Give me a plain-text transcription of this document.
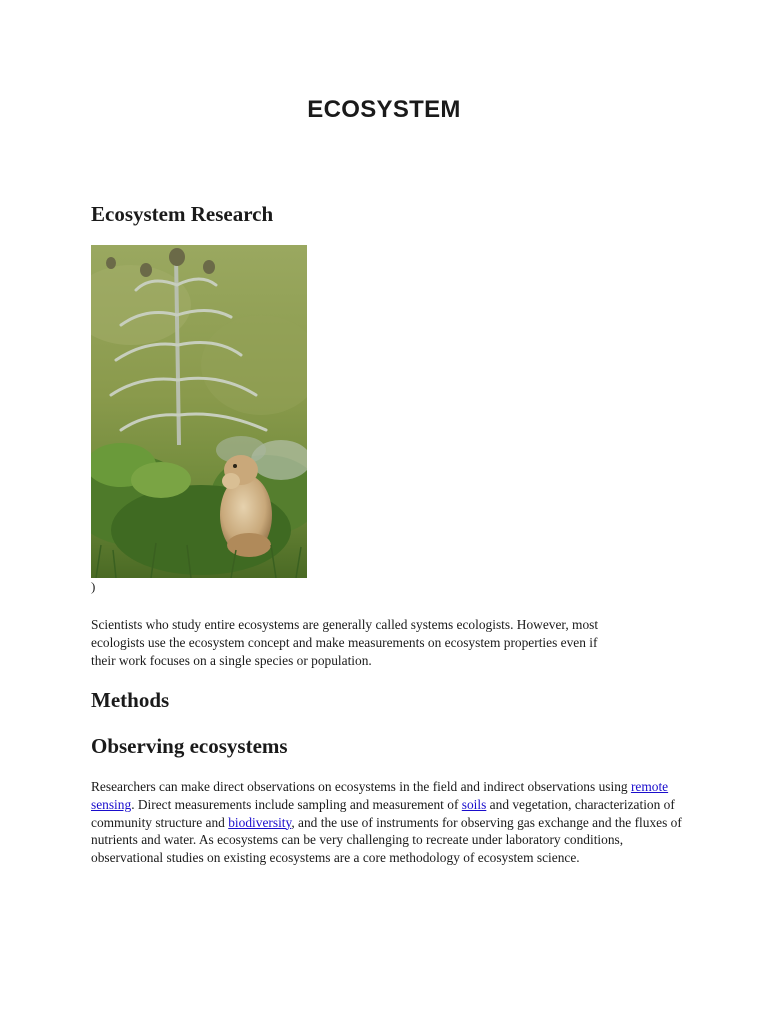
ECOSYSTEM
Ecosystem Research
)

Scientists who study entire ecosystems are generally called systems ecologists. However, most
ecologists use the ecosystem concept and make measurements on ecosystem properties even if
their work focuses on a single species or population.

Methods
Observing ecosystems

Researchers can make direct observations on ecosystems in the field and indirect observations using remote sensing. Direct measurements include sampling and measurement of soils and vegetation, characterization of community structure and biodiversity, and the use of instruments for observing gas exchange and the fluxes of nutrients and water. As ecosystems can be very challenging to recreate under laboratory conditions, observational studies on existing ecosystems are a core methodology of ecosystem science.
